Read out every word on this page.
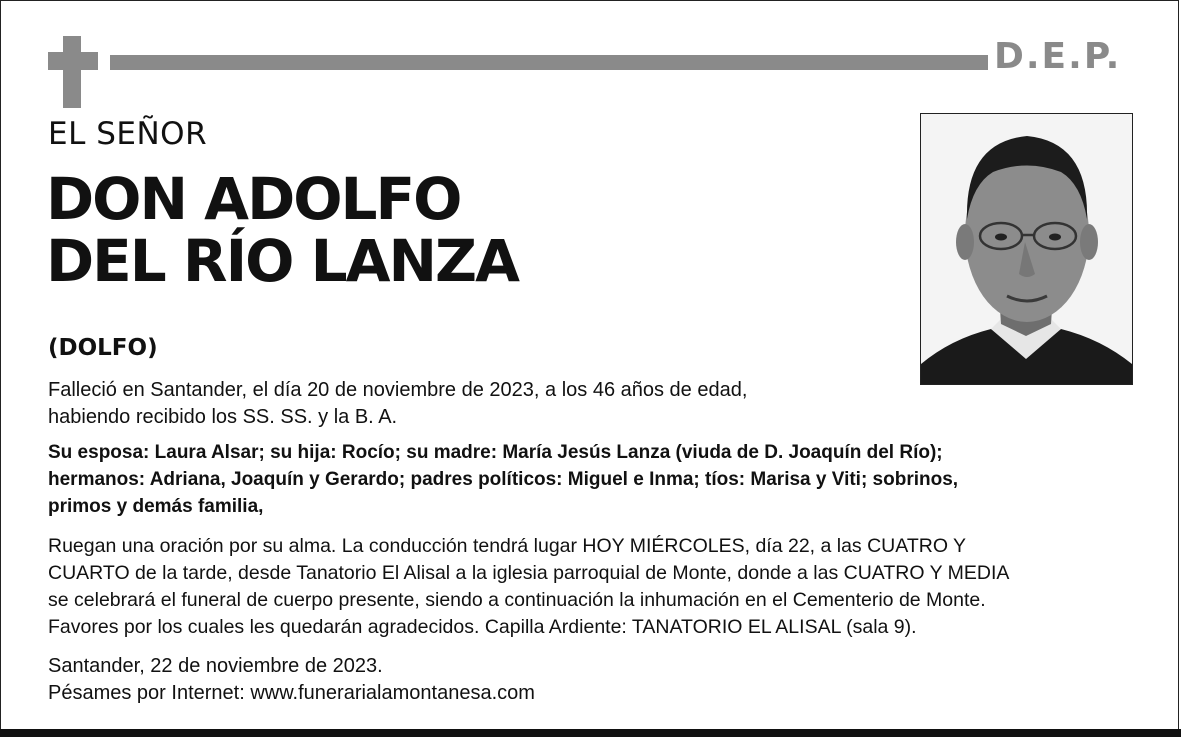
D.E.P.
EL SEÑOR
DON ADOLFO
DEL RÍO LANZA
(DOLFO)
Falleció en Santander, el día 20 de noviembre de 2023, a los 46 años de edad,
habiendo recibido los SS. SS. y la B. A.
Su esposa: Laura Alsar; su hija: Rocío; su madre: María Jesús Lanza (viuda de D. Joaquín del Río);
hermanos: Adriana, Joaquín y Gerardo; padres políticos: Miguel e Inma; tíos: Marisa y Viti; sobrinos,
primos y demás familia,
Ruegan una oración por su alma. La conducción tendrá lugar HOY MIÉRCOLES, día 22, a las CUATRO Y
CUARTO de la tarde, desde Tanatorio El Alisal a la iglesia parroquial de Monte, donde a las CUATRO Y MEDIA
se celebrará el funeral de cuerpo presente, siendo a continuación la inhumación en el Cementerio de Monte.
Favores por los cuales les quedarán agradecidos. Capilla Ardiente: TANATORIO EL ALISAL (sala 9).
Santander, 22 de noviembre de 2023.
Pésames por Internet: www.funerarialamontanesa.com
